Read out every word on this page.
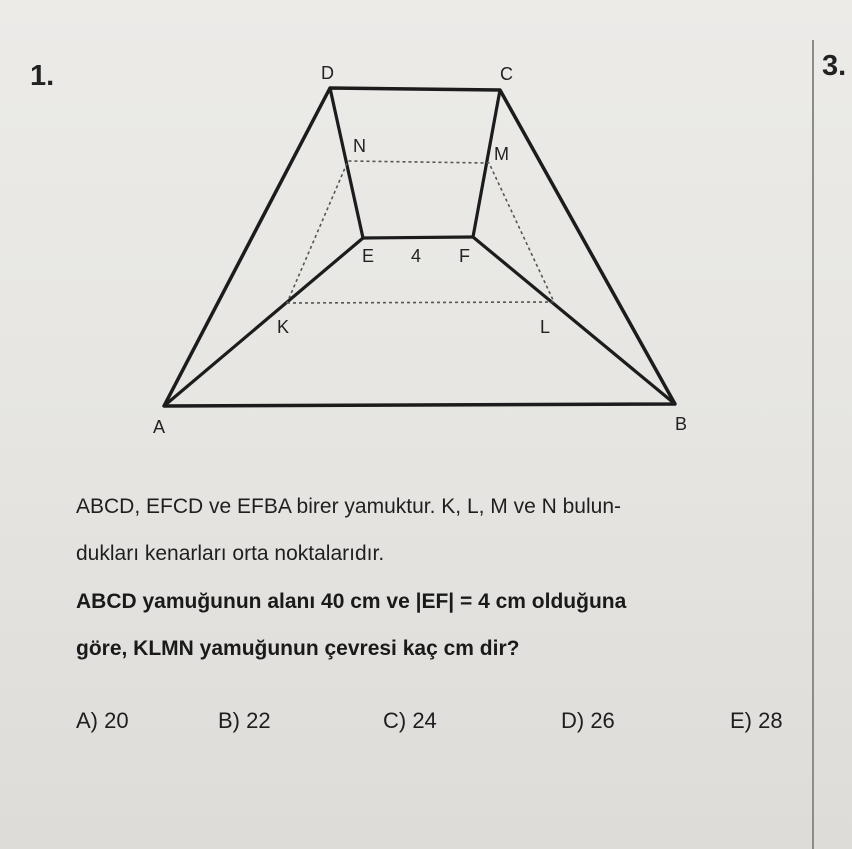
1.	3.
A	B
C
D
E	F
K	L
M
N
4
ABCD, EFCD ve EFBA birer yamuktur. K, L, M ve N bulun-
dukları kenarları orta noktalarıdır.
ABCD yamuğunun alanı 40 cm ve |EF| = 4 cm olduğuna
göre, KLMN yamuğunun çevresi kaç cm dir?
A) 20	B) 22	C) 24	D) 26	E) 28
